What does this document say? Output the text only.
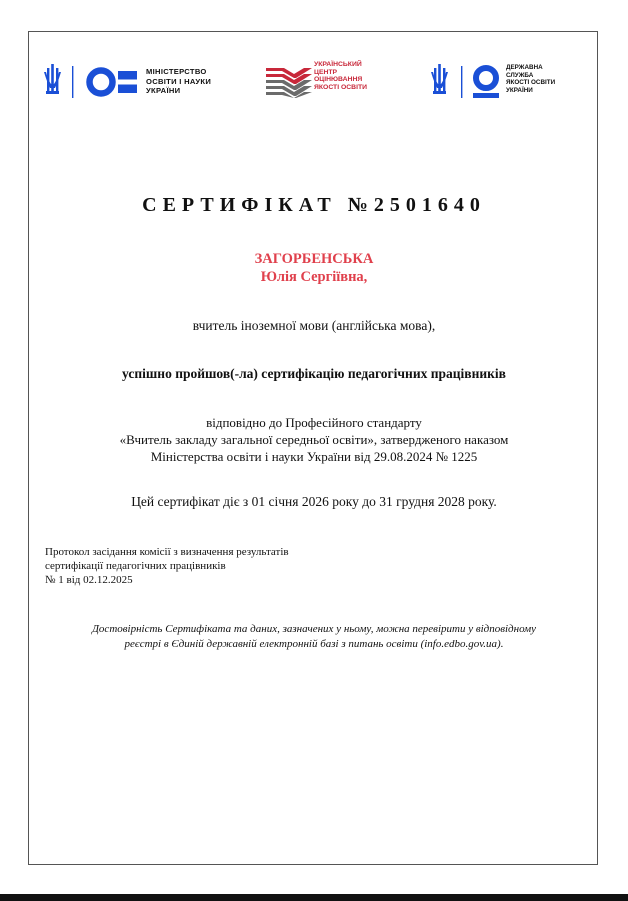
МІНІСТЕРСТВО
ОСВІТИ І НАУКИ
УКРАЇНИ
УКРАЇНСЬКИЙ
ЦЕНТР
ОЦІНЮВАННЯ
ЯКОСТІ ОСВІТИ
ДЕРЖАВНА
СЛУЖБА
ЯКОСТІ ОСВІТИ
УКРАЇНИ
СЕРТИФІКАТ №2501640
ЗАГОРБЕНСЬКА
Юлія Сергіївна,
вчитель іноземної мови (англійська мова),
успішно пройшов(-ла) сертифікацію педагогічних працівників
відповідно до Професійного стандарту
«Вчитель закладу загальної середньої освіти», затвердженого наказом
Міністерства освіти і науки України від 29.08.2024 № 1225
Цей сертифікат діє з 01 січня 2026 року до 31 грудня 2028 року.
Протокол засідання комісії з визначення результатів
сертифікації педагогічних працівників
№ 1 від 02.12.2025
Достовірність Сертифіката та даних, зазначених у ньому, можна перевірити у відповідному
реєстрі в Єдиній державній електронній базі з питань освіти (info.edbo.gov.ua).
